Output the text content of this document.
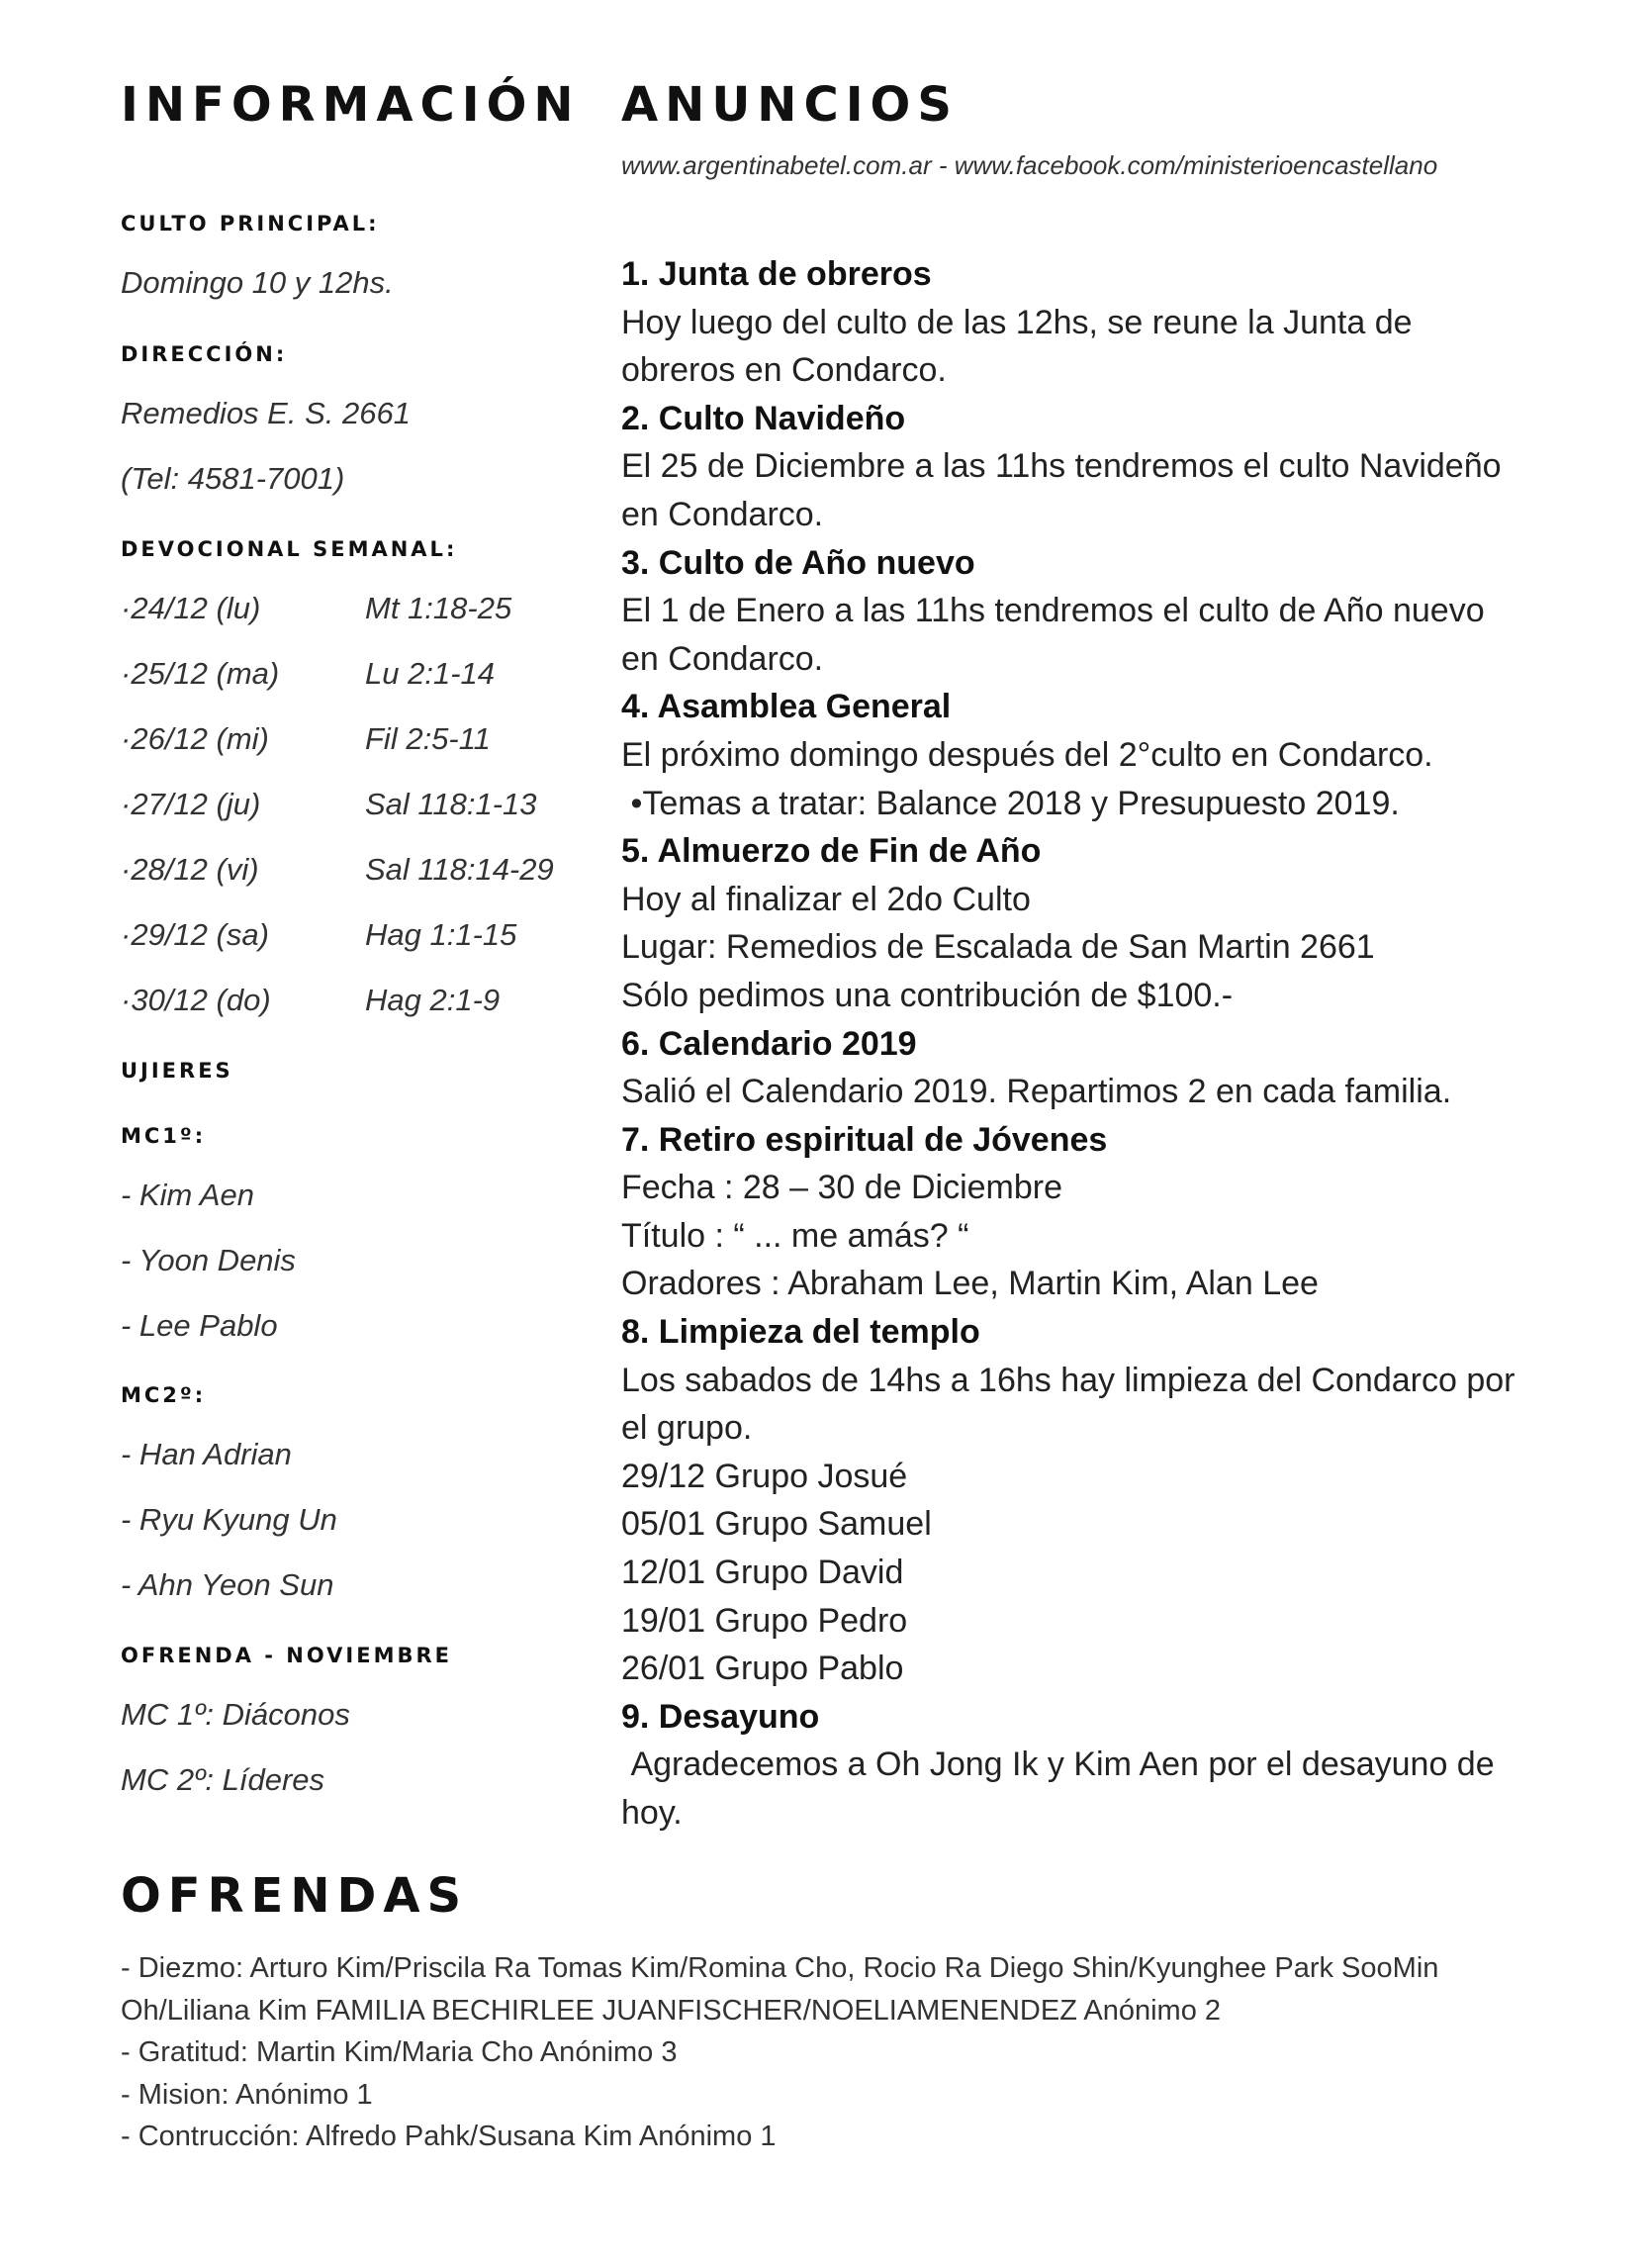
INFORMACIÓN ANUNCIOS
www.argentinabetel.com.ar - www.facebook.com/ministerioencastellano

CULTO PRINCIPAL:

Domingo 10 y 12hs.

DIRECCIÓN:

Remedios E. S. 2661

(Tel: 4581-7001)

DEVOCIONAL SEMANAL:

·24/12 (lu)	Mt 1:18-25

·25/12 (ma)	Lu 2:1-14

·26/12 (mi)	Fil 2:5-11

·27/12 (ju)	Sal 118:1-13

·28/12 (vi)	Sal 118:14-29

·29/12 (sa)	Hag 1:1-15

·30/12 (do)	Hag 2:1-9

UJIERES

MC1º:

- Kim Aen

- Yoon Denis

- Lee Pablo

MC2º:

- Han Adrian

- Ryu Kyung Un

- Ahn Yeon Sun

OFRENDA - NOVIEMBRE

MC 1º: Diáconos

MC 2º: Líderes

1. Junta de obreros

Hoy luego del culto de las 12hs, se reune la Junta de

obreros en Condarco.

2. Culto Navideño

El 25 de Diciembre a las 11hs tendremos el culto Navideño

en Condarco.

3. Culto de Año nuevo

El 1 de Enero a las 11hs tendremos el culto de Año nuevo

en Condarco.

4. Asamblea General

El próximo domingo después del 2°culto en Condarco.

•Temas a tratar: Balance 2018 y Presupuesto 2019.

5. Almuerzo de Fin de Año

Hoy al finalizar el 2do Culto

Lugar: Remedios de Escalada de San Martin 2661

Sólo pedimos una contribución de $100.-

6. Calendario 2019

Salió el Calendario 2019. Repartimos 2 en cada familia.

7. Retiro espiritual de Jóvenes

Fecha : 28 – 30 de Diciembre

Título : “ ... me amás? “

Oradores : Abraham Lee, Martin Kim, Alan Lee

8. Limpieza del templo

Los sabados de 14hs a 16hs hay limpieza del Condarco por

el grupo.

29/12 Grupo Josué

05/01 Grupo Samuel

12/01 Grupo David

19/01 Grupo Pedro

26/01 Grupo Pablo

9. Desayuno

Agradecemos a Oh Jong Ik y Kim Aen por el desayuno de

hoy.

OFRENDAS

- Diezmo: Arturo Kim/Priscila Ra Tomas Kim/Romina Cho, Rocio Ra Diego Shin/Kyunghee Park SooMin Oh/Liliana Kim FAMILIA BECHIRLEE JUANFISCHER/NOELIAMENENDEZ Anónimo 2

- Gratitud: Martin Kim/Maria Cho Anónimo 3

- Mision: Anónimo 1

- Contrucción: Alfredo Pahk/Susana Kim Anónimo 1
